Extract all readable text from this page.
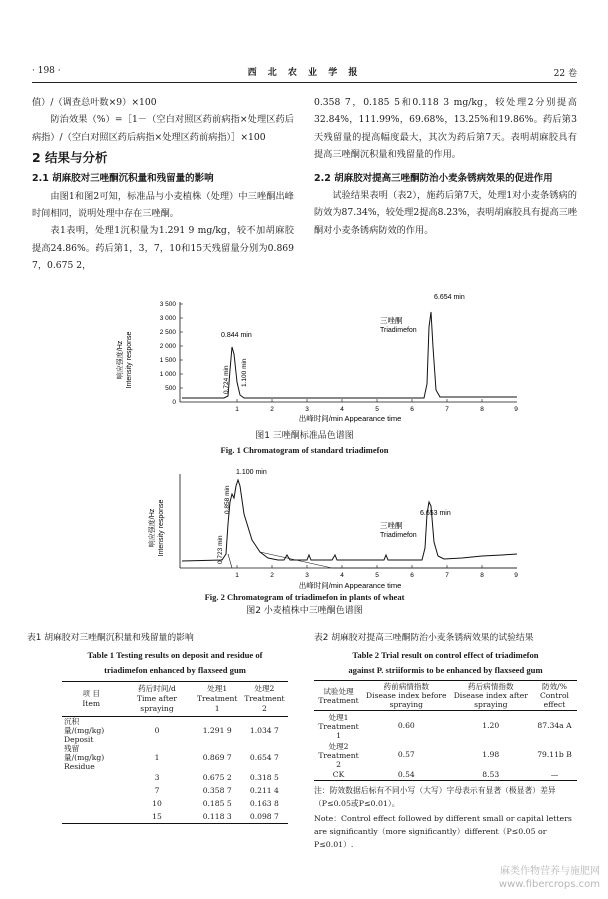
· 198 ·	西 北 农 业 学 报	22 卷

值）/（调查总叶数×9）×100

防治效果（%）=［1－（空白对照区药前病指×处理区药后病指）/（空白对照区药后病指×处理区药前病指）］×100

2 结果与分析
2.1 胡麻胶对三唑酮沉积量和残留量的影响

由图1和图2可知，标准品与小麦植株（处理）中三唑酮出峰时间相同，说明处理中存在三唑酮。

表1表明，处理1沉积量为1.291 9 mg/kg，较不加胡麻胶提高24.86%。药后第1，3，7，10和15天残留量分别为0.869 7，0.675 2，

0.358 7，0.185 5和0.118 3 mg/kg，较处理2分别提高32.84%，111.99%，69.68%，13.25%和19.86%。药后第3天残留量的提高幅度最大，其次为药后第7天。表明胡麻胶具有提高三唑酮沉积量和残留量的作用。

2.2 胡麻胶对提高三唑酮防治小麦条锈病效果的促进作用

试验结果表明（表2），施药后第7天，处理1对小麦条锈病的防效为87.34%，较处理2提高8.23%，表明胡麻胶具有提高三唑酮对小麦条锈病防效的作用。

响应强度/Hz Intensity response
3 500
3 000
2 500
2 000
1 500
1 000
500
0
1	2	3	4	5	6	7	8	9
0.844 min
0.724 min 1.100 min
6.654 min
三唑酮
Triadimefon
出峰时间/min Appearance time
图1 三唑酮标准品色谱图
Fig. 1 Chromatogram of standard triadimefon
响应强度/Hz Intensity response
1	2	3	4	5	6	7	8	9
1.100 min
0.858 min
0.723 min
6.653 min
三唑酮
Triadimefon
出峰时间/min Appearance time
Fig. 2 Chromatogram of triadimefon in plants of wheat
图2 小麦植株中三唑酮色谱图
表1 胡麻胶对三唑酮沉积量和残留量的影响
Table 1 Testing results on deposit and residue of
triadimefon enhanced by flaxseed gum
项 目
Item	药后时间/d
Time after spraying	处理1
Treatment 1	处理2
Treatment 2
沉积量/(mg/kg)
Deposit	0	1.291 9	1.034 7
残留量/(mg/kg)
Residue	1	0.869 7	0.654 7
	3	0.675 2	0.318 5
	7	0.358 7	0.211 4
	10	0.185 5	0.163 8
	15	0.118 3	0.098 7
表2 胡麻胶对提高三唑酮防治小麦条锈病效果的试验结果
Table 2 Trial result on control effect of triadimefon
against P. striiformis to be enhanced by flaxseed gum
试验处理
Treatment	药前病情指数
Disease index before spraying	药后病情指数
Disease index after spraying	防效/%
Control effect
处理1
Treatment 1	0.60	1.20	87.34a A
处理2
Treatment 2	0.57	1.98	79.11b B
CK	0.54	8.53	—
注：防效数据后标有不同小写（大写）字母表示有显著（极显著）差异（P≤0.05或P≤0.01）。
Note：Control effect followed by different small or capital letters are significantly（more significantly）different（P≤0.05 or P≤0.01）.
麻类作物营养与施肥网
www.fibercrops.com
